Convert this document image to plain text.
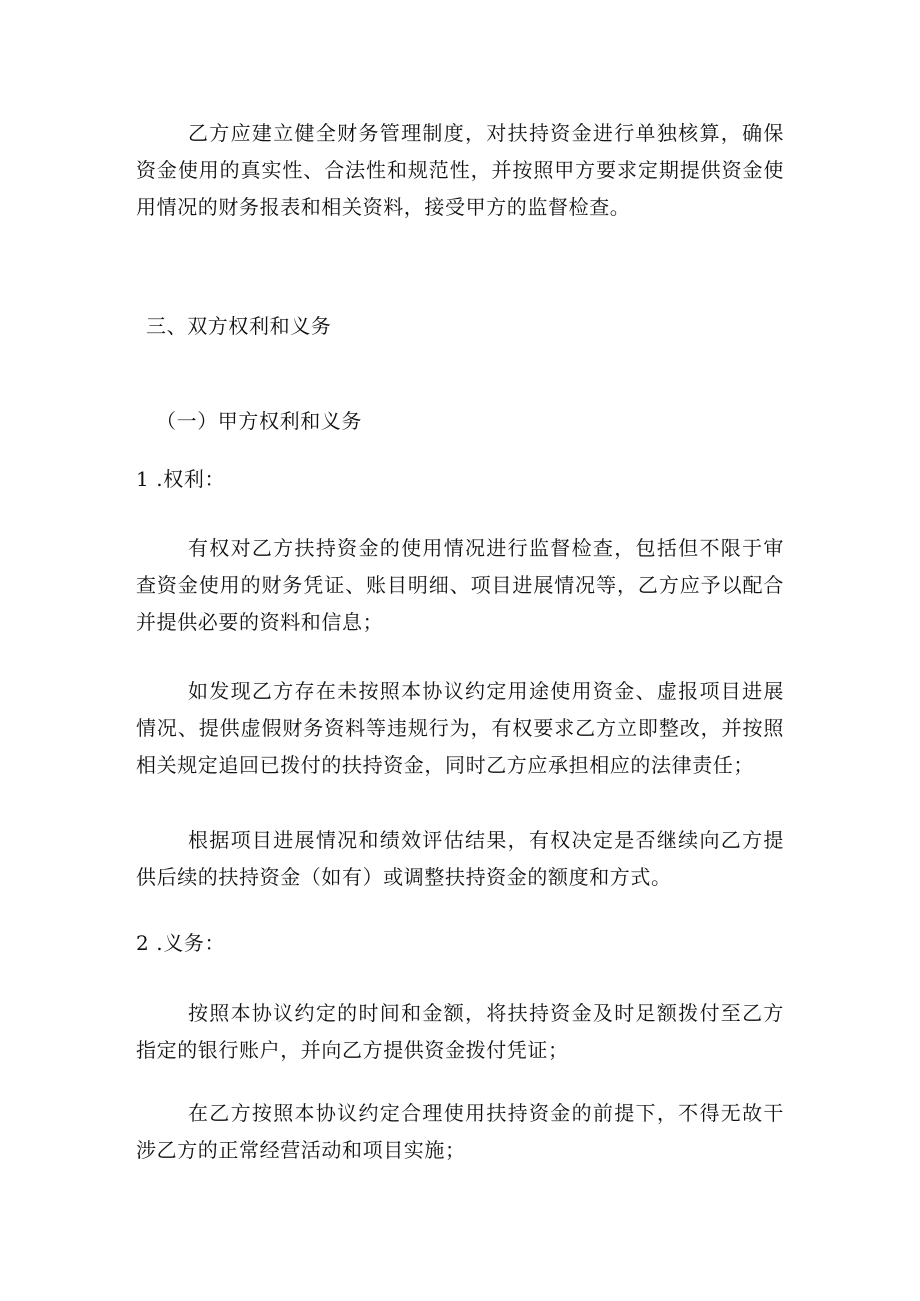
乙方应建立健全财务管理制度，对扶持资金进行单独核算，确保资金使用的真实性、合法性和规范性，并按照甲方要求定期提供资金使用情况的财务报表和相关资料，接受甲方的监督检查。

三、双方权利和义务

（一）甲方权利和义务

1 .权利：

有权对乙方扶持资金的使用情况进行监督检查，包括但不限于审查资金使用的财务凭证、账目明细、项目进展情况等，乙方应予以配合并提供必要的资料和信息；

如发现乙方存在未按照本协议约定用途使用资金、虚报项目进展情况、提供虚假财务资料等违规行为，有权要求乙方立即整改，并按照相关规定追回已拨付的扶持资金，同时乙方应承担相应的法律责任；

根据项目进展情况和绩效评估结果，有权决定是否继续向乙方提供后续的扶持资金（如有）或调整扶持资金的额度和方式。

2 .义务：

按照本协议约定的时间和金额，将扶持资金及时足额拨付至乙方指定的银行账户，并向乙方提供资金拨付凭证；

在乙方按照本协议约定合理使用扶持资金的前提下，不得无故干涉乙方的正常经营活动和项目实施；
